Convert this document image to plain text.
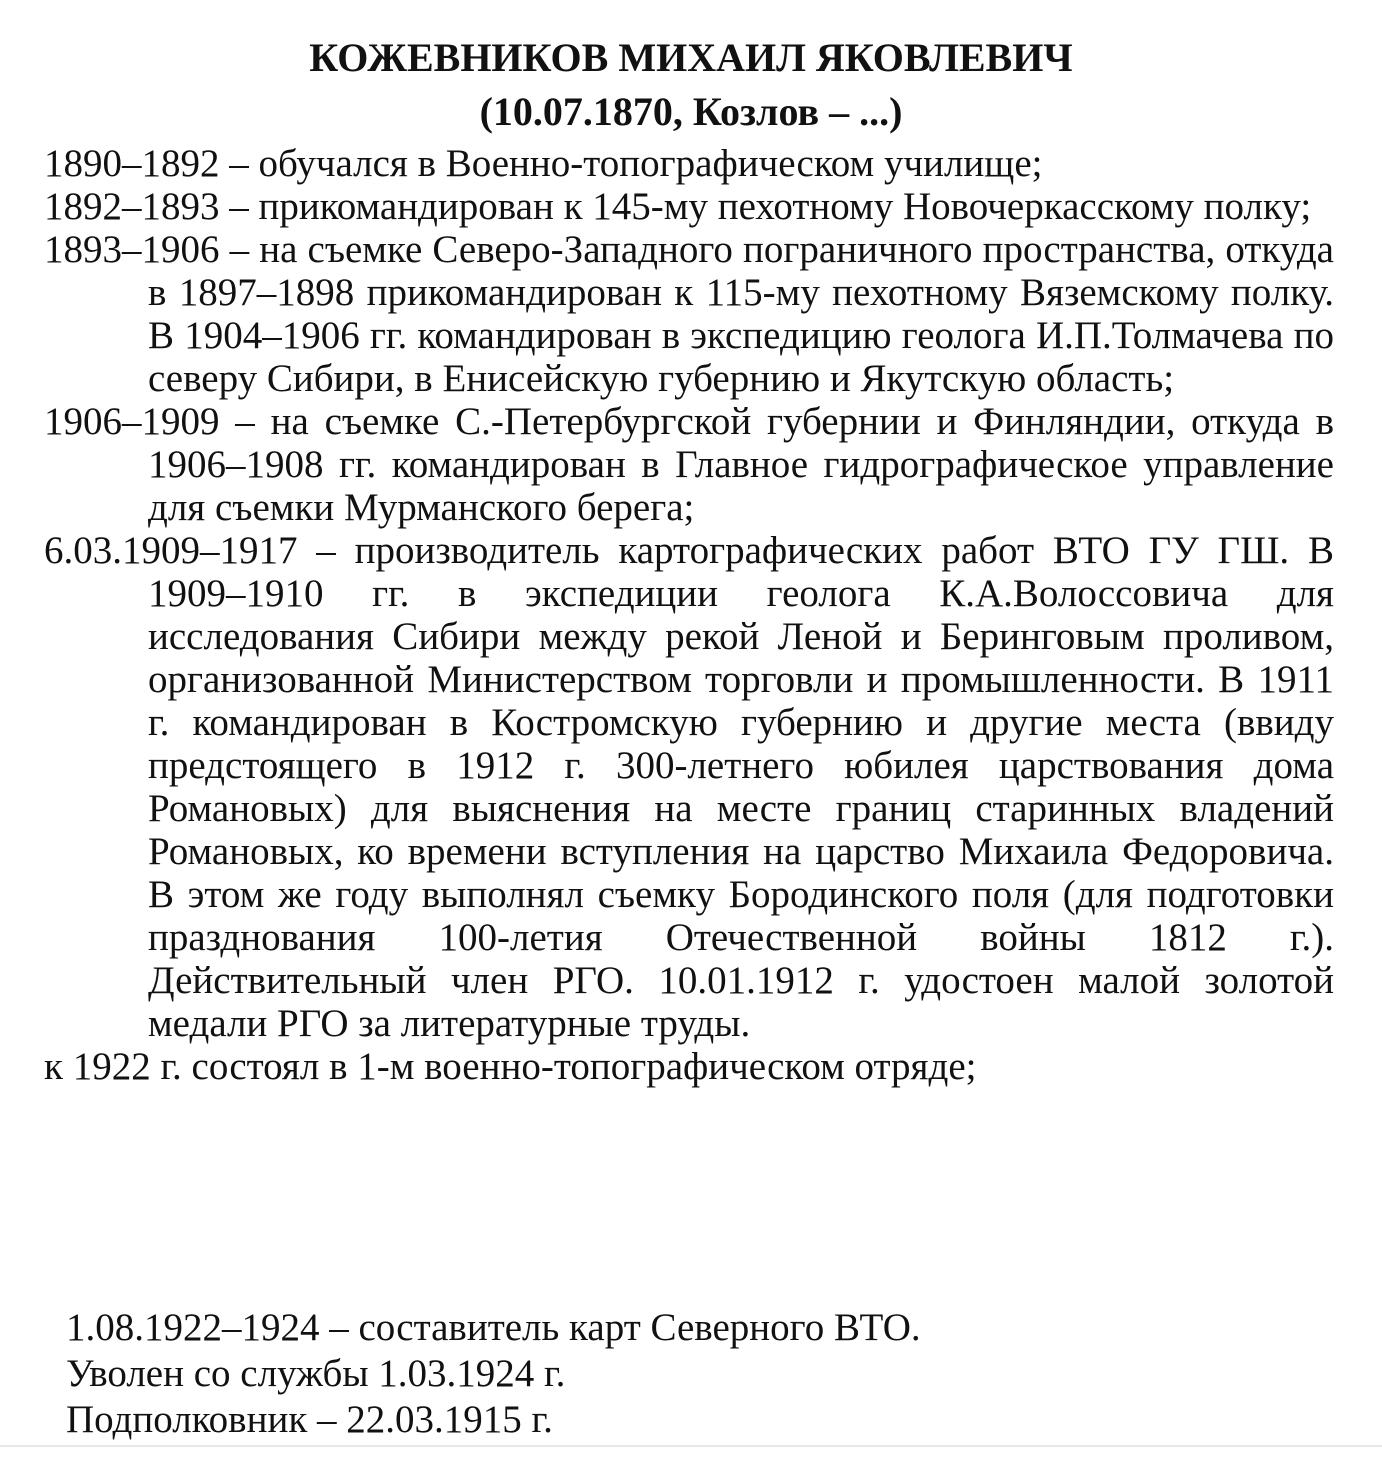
КОЖЕВНИКОВ МИХАИЛ ЯКОВЛЕВИЧ
(10.07.1870, Козлов – ...)

1890–1892 – обучался в Военно-топографическом училище;

1892–1893 – прикомандирован к 145-му пехотному Новочеркасскому полку;

1893–1906 – на съемке Северо-Западного пограничного пространства, откуда в 1897–1898 прикомандирован к 115-му пехотному Вяземскому полку. В 1904–1906 гг. командирован в экспедицию геолога И.П.Толмачева по северу Сибири, в Енисейскую губернию и Якутскую область;

1906–1909 – на съемке С.-Петербургской губернии и Финляндии, откуда в 1906–1908 гг. командирован в Главное гидрографическое управление для съемки Мурманского берега;

6.03.1909–1917 – производитель картографических работ ВТО ГУ ГШ. В 1909–1910 гг. в экспедиции геолога К.А.Волоссовича для исследования Сибири между рекой Леной и Беринговым проливом, организованной Министерством торговли и промышленности. В 1911 г. командирован в Костромскую губернию и другие места (ввиду предстоящего в 1912 г. 300-летнего юбилея царствования дома Романовых) для выяснения на месте границ старинных владений Романовых, ко времени вступления на царство Михаила Федоровича. В этом же году выполнял съемку Бородинского поля (для подготовки празднования 100-летия Отечественной войны 1812 г.). Действительный член РГО. 10.01.1912 г. удостоен малой золотой медали РГО за литературные труды.

к 1922 г. состоял в 1-м военно-топографическом отряде;

1.08.1922–1924 – составитель карт Северного ВТО.
Уволен со службы 1.03.1924 г.
Подполковник – 22.03.1915 г.
